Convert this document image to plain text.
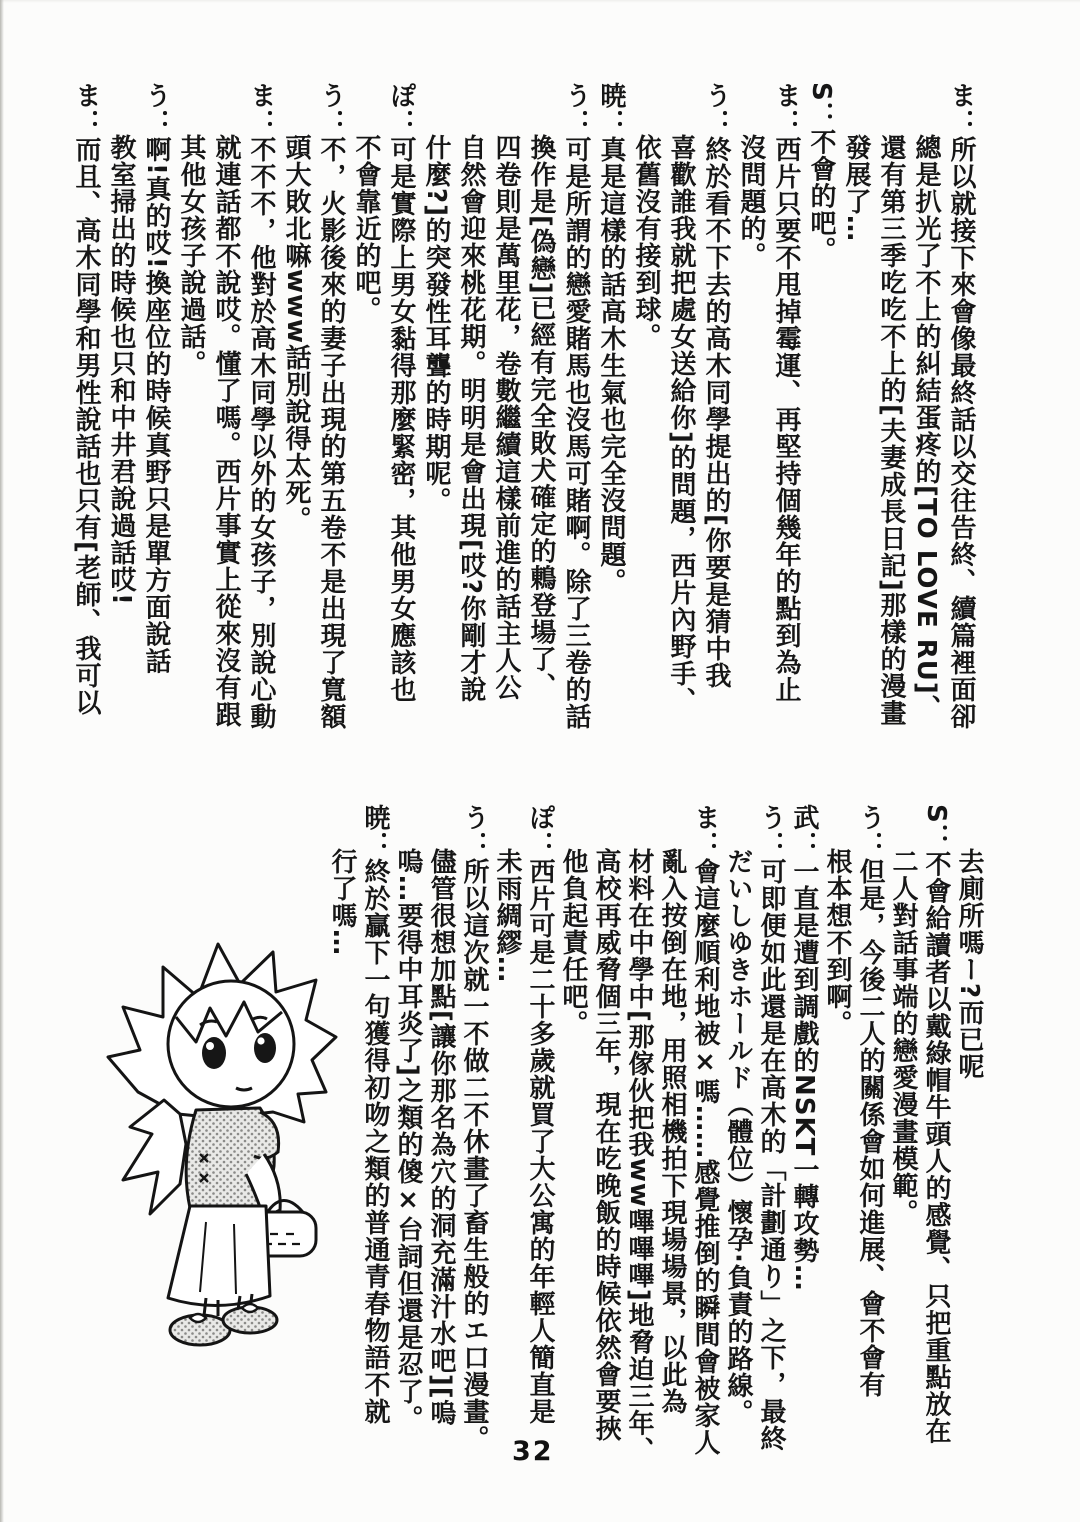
ま：所以就接下來會像最終話以交往告終、續篇裡面卻
總是扒光了不上的糾結蛋疼的[TO LOVE RU]、
還有第三季吃吃不上的[夫妻成長日記]那樣的漫畫
發展了…
S：不會的吧。
ま：西片只要不甩掉霉運、再堅持個幾年的點到為止
沒問題的。
う：終於看不下去的高木同學提出的[你要是猜中我
喜歡誰我就把處女送給你]的問題，西片內野手、
依舊沒有接到球。
暁：真是這樣的話高木生氣也完全沒問題。
う：可是所謂的戀愛賭馬也沒馬可賭啊。除了三卷的話
換作是[偽戀]已經有完全敗犬確定的鶇登場了、
四卷則是萬里花，卷數繼續這樣前進的話主人公
自然會迎來桃花期。明明是會出現[哎?你剛才說
什麼?]的突發性耳聾的時期呢。
ぽ：可是實際上男女黏得那麼緊密，其他男女應該也
不會靠近的吧。
う：不，火影後來的妻子出現的第五卷不是出現了寬額
頭大敗北嘛www話別說得太死。
ま：不不不，他對於高木同學以外的女孩子，別說心動
就連話都不說哎。懂了嗎。西片事實上從來沒有跟
其他女孩子說過話。
う：啊!真的哎!換座位的時候真野只是單方面說話
教室掃出的時候也只和中井君說過話哎!
ま：而且、高木同學和男性說話也只有[老師、我可以
去廁所嗎ー?而已呢
S：不會給讀者以戴綠帽牛頭人的感覺、只把重點放在
二人對話事端的戀愛漫畫模範。
う：但是，今後二人的關係會如何進展、會不會有
根本想不到啊。
武：一直是遭到調戲的NSKT一轉攻勢…
う：可即便如此還是在高木的「計劃通り」之下，最終
だいしゆきホールド（體位）懷孕·負責的路線。
ま：會這麼順利地被×嗎……感覺推倒的瞬間會被家人
亂入按倒在地，用照相機拍下現場場景，以此為
材料在中學中[那傢伙把我ww嗶嗶嗶]地脅迫三年、
高校再威脅個三年，現在吃晚飯的時候依然會要挾
他負起責任吧。
ぽ：西片可是二十多歲就買了大公寓的年輕人簡直是
未雨綢繆…
う：所以這次就一不做二不休畫了畜生般的エ口漫畫。
儘管很想加點[讓你那名為穴的洞充滿汁水吧][嗚
嗚…要得中耳炎了]之類的傻×台詞但還是忍了。
暁：終於贏下一句獲得初吻之類的普通青春物語不就
行了嗎…
32
